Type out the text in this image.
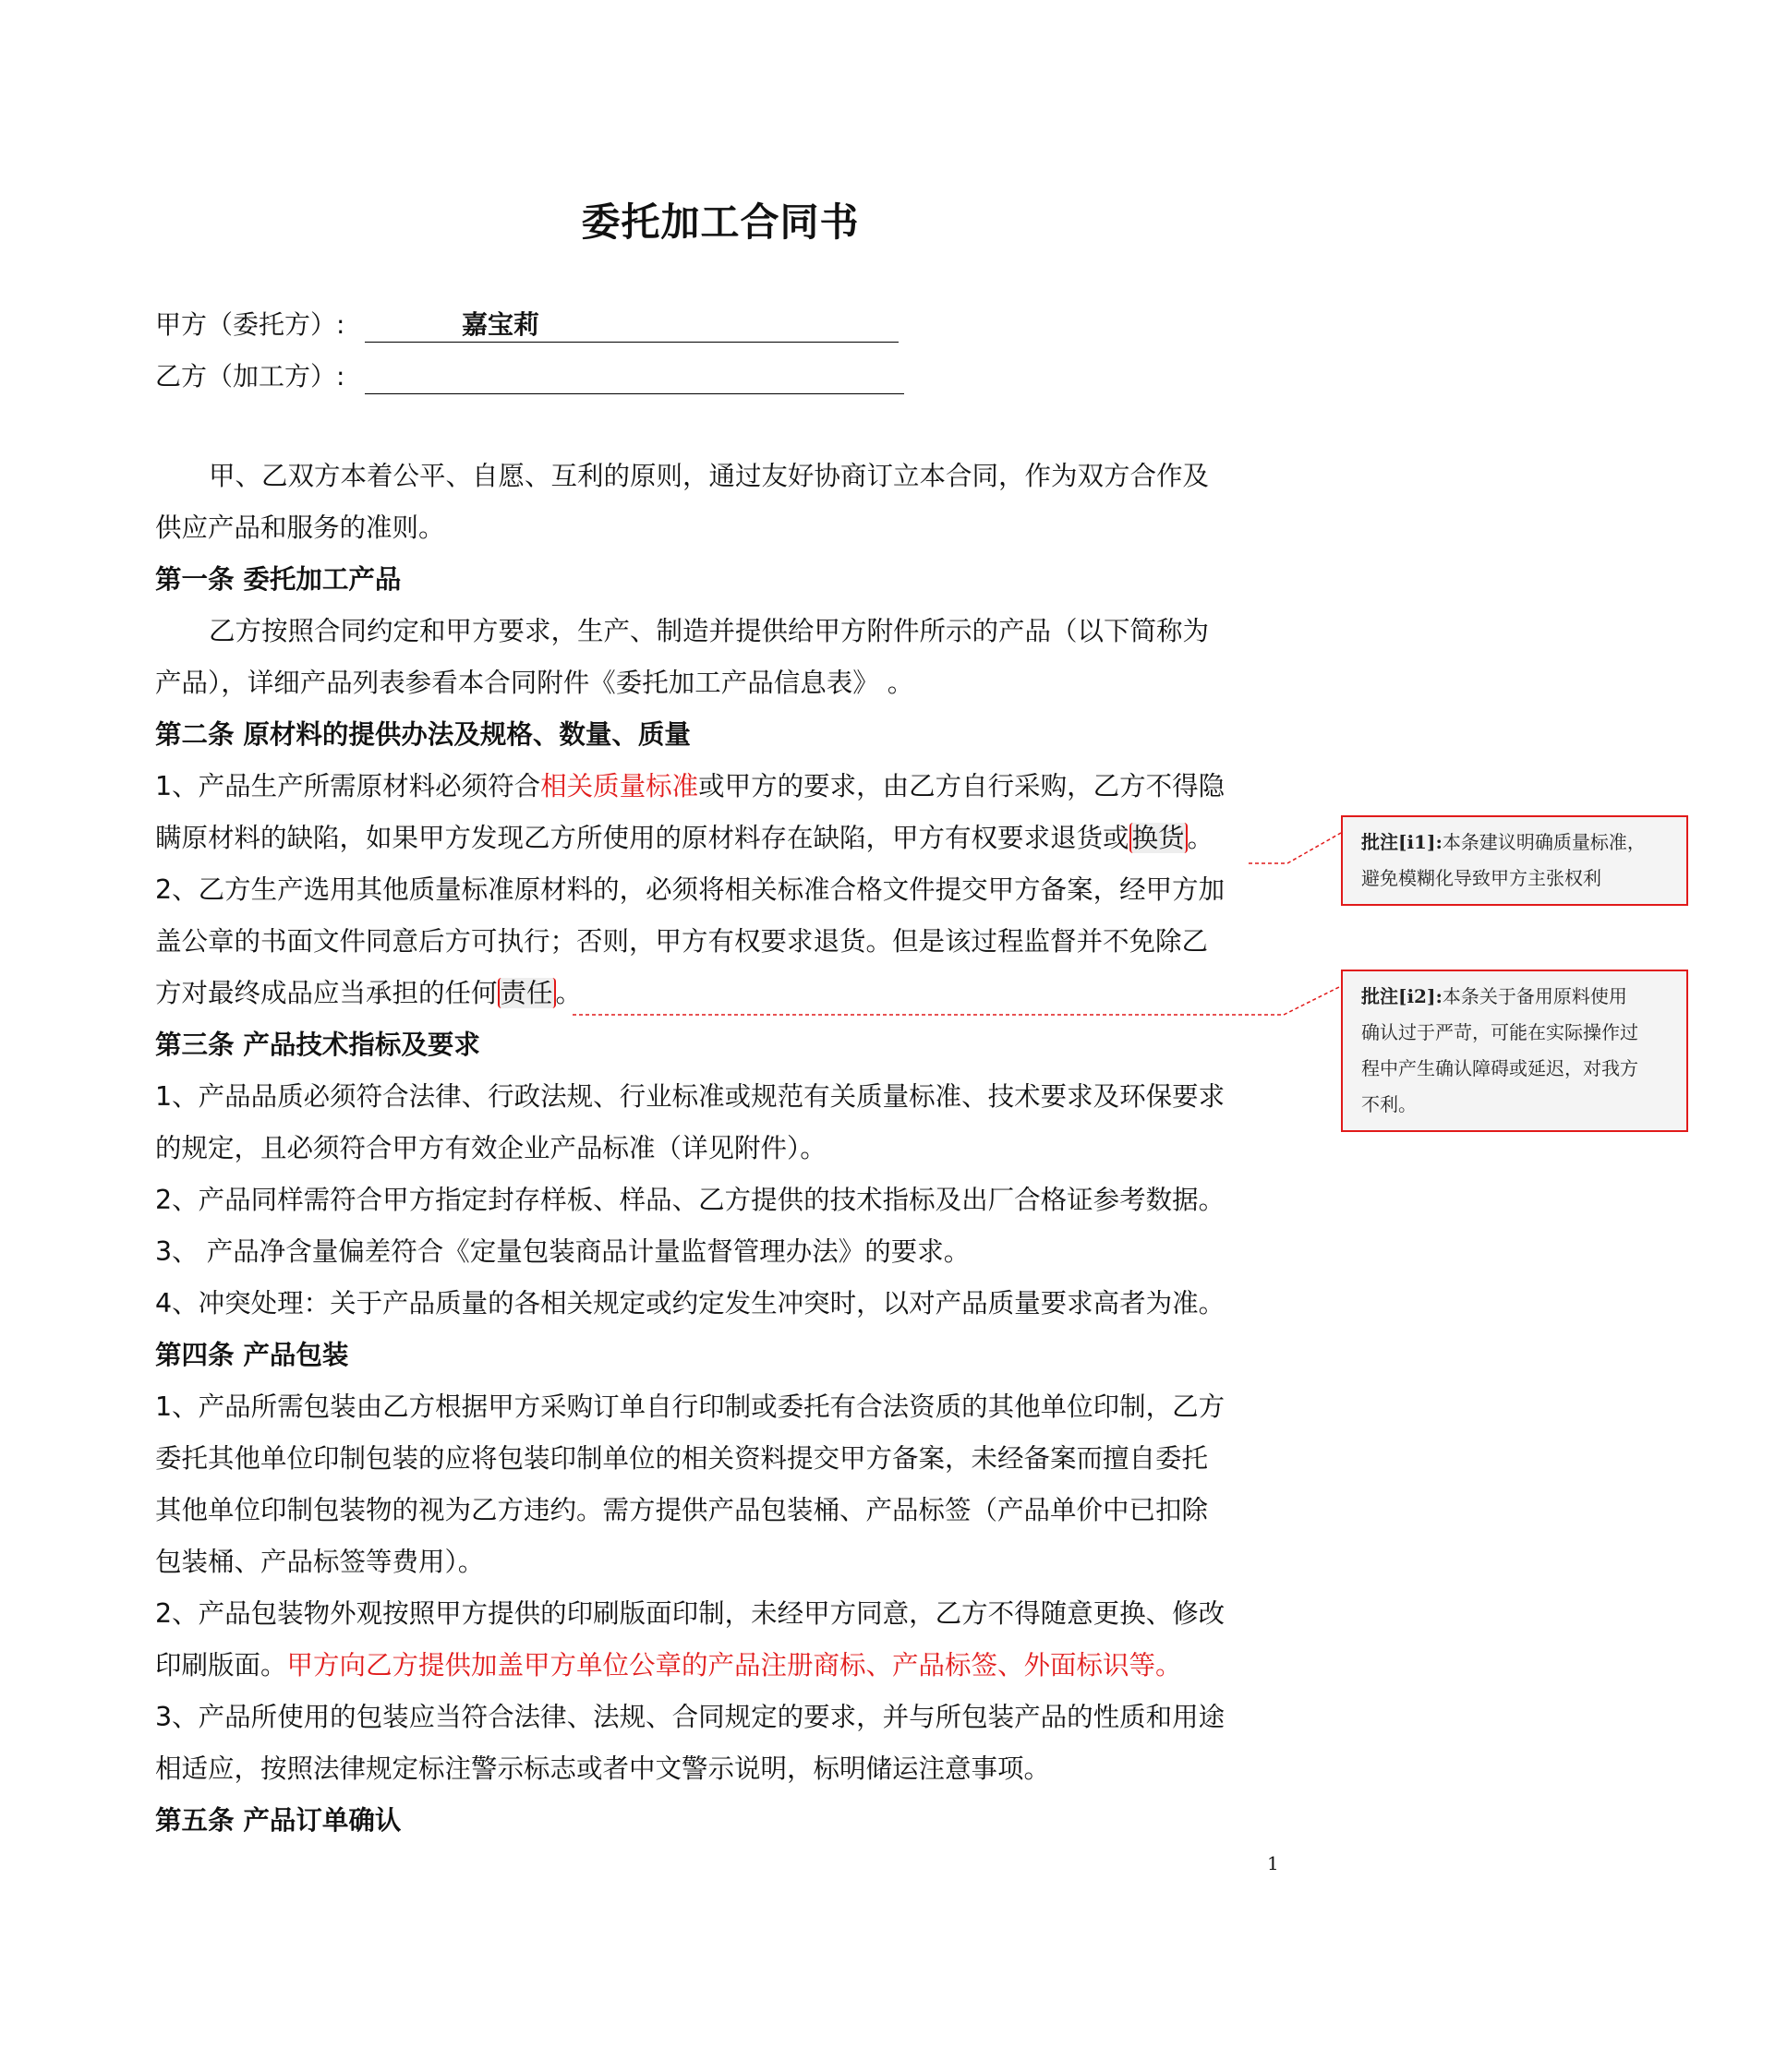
委托加工合同书
甲方（委托方）:	嘉宝莉
乙方（加工方）:

甲、乙双方本着公平、自愿、互利的原则，通过友好协商订立本合同，作为双方合作及

供应产品和服务的准则。

第一条 委托加工产品

乙方按照合同约定和甲方要求，生产、制造并提供给甲方附件所示的产品（以下简称为

产品），详细产品列表参看本合同附件《委托加工产品信息表》 。

第二条 原材料的提供办法及规格、数量、质量

1、产品生产所需原材料必须符合相关质量标准或甲方的要求，由乙方自行采购，乙方不得隐

瞒原材料的缺陷，如果甲方发现乙方所使用的原材料存在缺陷，甲方有权要求退货或 换货 。

2、乙方生产选用其他质量标准原材料的，必须将相关标准合格文件提交甲方备案，经甲方加

盖公章的书面文件同意后方可执行；否则，甲方有权要求退货。但是该过程监督并不免除乙

方对最终成品应当承担的任何 责任 。

第三条 产品技术指标及要求

1、产品品质必须符合法律、行政法规、行业标准或规范有关质量标准、技术要求及环保要求

的规定，且必须符合甲方有效企业产品标准（详见附件）。

2、产品同样需符合甲方指定封存样板、样品、乙方提供的技术指标及出厂合格证参考数据。

3、 产品净含量偏差符合《定量包装商品计量监督管理办法》的要求。

4、冲突处理：关于产品质量的各相关规定或约定发生冲突时，以对产品质量要求高者为准。

第四条 产品包装

1、产品所需包装由乙方根据甲方采购订单自行印制或委托有合法资质的其他单位印制，乙方

委托其他单位印制包装的应将包装印制单位的相关资料提交甲方备案，未经备案而擅自委托

其他单位印制包装物的视为乙方违约。需方提供产品包装桶、产品标签（产品单价中已扣除

包装桶、产品标签等费用）。

2、产品包装物外观按照甲方提供的印刷版面印制，未经甲方同意，乙方不得随意更换、修改

印刷版面。甲方向乙方提供加盖甲方单位公章的产品注册商标、产品标签、外面标识等。

3、产品所使用的包装应当符合法律、法规、合同规定的要求，并与所包装产品的性质和用途

相适应，按照法律规定标注警示标志或者中文警示说明，标明储运注意事项。

第五条 产品订单确认

批注[i1]:本条建议明确质量标准，
避免模糊化导致甲方主张权利
批注[i2]:本条关于备用原料使用
确认过于严苛，可能在实际操作过
程中产生确认障碍或延迟，对我方
不利。
1
